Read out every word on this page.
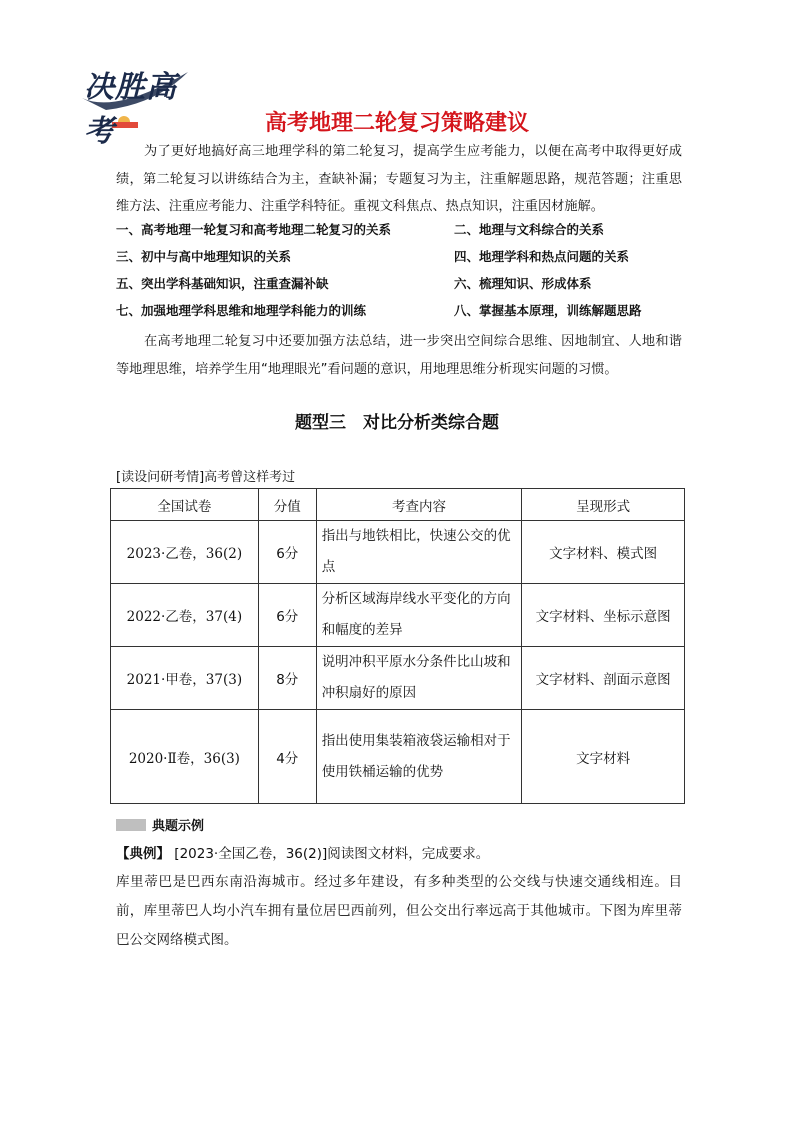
决胜高考	高考地理二轮复习策略建议
为了更好地搞好高三地理学科的第二轮复习，提高学生应考能力，以便在高考中取得更好成绩，第二轮复习以讲练结合为主，查缺补漏；专题复习为主，注重解题思路，规范答题；注重思维方法、注重应考能力、注重学科特征。重视文科焦点、热点知识，注重因材施解。
一、高考地理一轮复习和高考地理二轮复习的关系	二、地理与文科综合的关系
三、初中与高中地理知识的关系	四、地理学科和热点问题的关系
五、突出学科基础知识，注重查漏补缺	六、梳理知识、形成体系
七、加强地理学科思维和地理学科能力的训练	八、掌握基本原理，训练解题思路
在高考地理二轮复习中还要加强方法总结，进一步突出空间综合思维、因地制宜、人地和谐等地理思维，培养学生用“地理眼光”看问题的意识，用地理思维分析现实问题的习惯。
题型三　对比分析类综合题
[读设问研考情]高考曾这样考过
全国试卷	分值	考查内容	呈现形式
2023·乙卷，36(2)	6分	指出与地铁相比，快速公交的优点	文字材料、模式图
2022·乙卷，37(4)	6分	分析区域海岸线水平变化的方向和幅度的差异	文字材料、坐标示意图
2021·甲卷，37(3)	8分	说明冲积平原水分条件比山坡和冲积扇好的原因	文字材料、剖面示意图
2020·Ⅱ卷，36(3)	4分	指出使用集装箱液袋运输相对于使用铁桶运输的优势	文字材料
典题示例
【典例】 [2023·全国乙卷，36(2)]阅读图文材料，完成要求。
库里蒂巴是巴西东南沿海城市。经过多年建设，有多种类型的公交线与快速交通线相连。目前，库里蒂巴人均小汽车拥有量位居巴西前列，但公交出行率远高于其他城市。下图为库里蒂巴公交网络模式图。
